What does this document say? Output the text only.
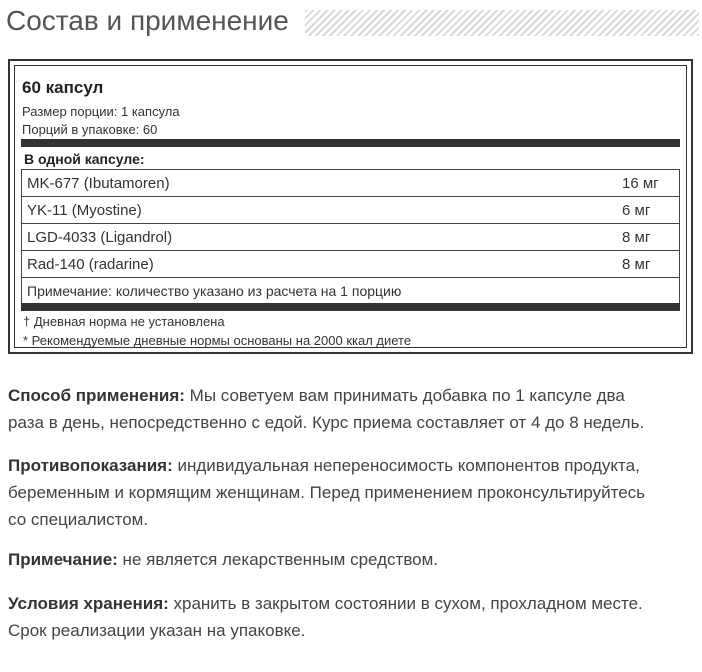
Состав и применение
60 капсул
Размер порции: 1 капсула
Порций в упаковке: 60
В одной капсуле:
MK-677 (Ibutamoren)	16 мг
YK-11 (Myostine)	6 мг
LGD-4033 (Ligandrol)	8 мг
Rad-140 (radarine)	8 мг
Примечание: количество указано из расчета на 1 порцию
† Дневная норма не установлена
* Рекомендуемые дневные нормы основаны на 2000 ккал диете
Способ применения: Мы советуем вам принимать добавка по 1 капсуле два
раза в день, непосредственно с едой. Курс приема составляет от 4 до 8 недель.
Противопоказания: индивидуальная непереносимость компонентов продукта,
беременным и кормящим женщинам. Перед применением проконсультируйтесь
со специалистом.
Примечание: не является лекарственным средством.
Условия хранения: хранить в закрытом состоянии в сухом, прохладном месте.
Срок реализации указан на упаковке.
